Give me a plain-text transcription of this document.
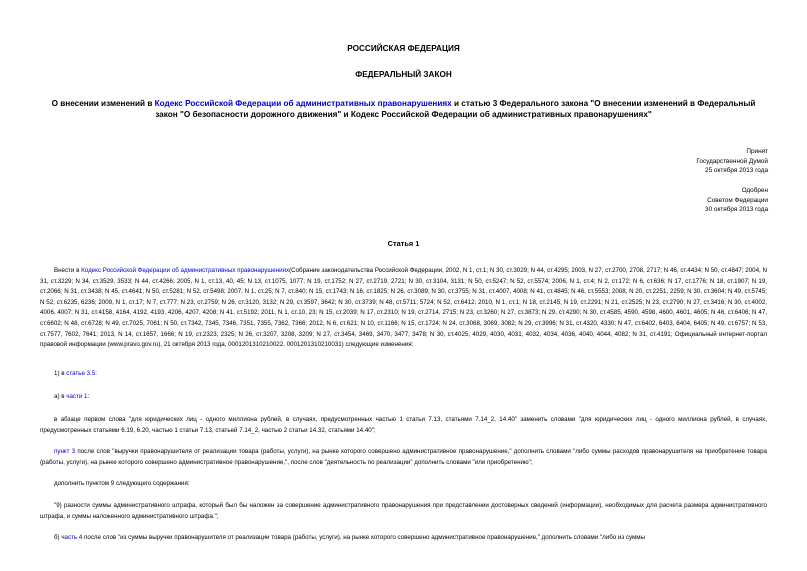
РОССИЙСКАЯ ФЕДЕРАЦИЯ
ФЕДЕРАЛЬНЫЙ ЗАКОН
О внесении изменений в Кодекс Российской Федерации об административных правонарушениях и статью 3 Федерального закона "О внесении изменений в Федеральный закон "О безопасности дорожного движения" и Кодекс Российской Федерации об административных правонарушениях"
Принят
Государственной Думой
25 октября 2013 года
Одобрен
Советом Федерации
30 октября 2013 года
Статья 1

Внести в Кодекс Российской Федерации об административных правонарушениях(Собрание законодательства Российской Федерации, 2002, N 1, ст.1; N 30, ст.3029; N 44, ст.4295; 2003, N 27, ст.2700, 2708, 2717; N 46, ст.4434; N 50, ст.4847; 2004, N 31, ст.3229; N 34, ст.3529, 3533; N 44, ст.4266; 2005, N 1, ст.13, 40, 45; N 13, ст.1075, 1077; N 19, ст.1752; N 27, ст.2719, 2721; N 30, ст.3104, 3131; N 50, ст.5247; N 52, ст.5574; 2006, N 1, ст.4; N 2, ст.172; N 6, ст.636; N 17, ст.1776; N 18, ст.1907; N 19, ст.2066; N 31, ст.3438; N 45, ст.4641; N 50, ст.5281; N 52, ст.5498; 2007, N 1, ст.25; N 7, ст.840; N 15, ст.1743; N 16, ст.1825; N 26, ст.3089; N 30, ст.3755; N 31, ст.4007, 4008; N 41, ст.4845; N 46, ст.5553; 2008, N 20, ст.2251, 2259; N 30, ст.3604; N 49, ст.5745; N 52, ст.6235, 6236; 2009, N 1, ст.17; N 7, ст.777; N 23, ст.2759; N 26, ст.3120, 3132; N 29, ст.3597, 3642; N 30, ст.3739; N 48, ст.5711, 5724; N 52, ст.6412; 2010, N 1, ст.1; N 18, ст.2145; N 19, ст.2291; N 21, ст.2525; N 23, ст.2790; N 27, ст.3416; N 30, ст.4002, 4006, 4007; N 31, ст.4158, 4164, 4192, 4193, 4206, 4207, 4208; N 41, ст.5192; 2011, N 1, ст.10, 23; N 15, ст.2039; N 17, ст.2310; N 19, ст.2714, 2715; N 23, ст.3260; N 27, ст.3873; N 29, ст.4290; N 30, ст.4585, 4590, 4598, 4600, 4601, 4605; N 46, ст.6406; N 47, ст.6602; N 48, ст.6728; N 49, ст.7025, 7061; N 50, ст.7342, 7345, 7346, 7351, 7355, 7362, 7366; 2012, N 6, ст.621; N 10, ст.1166; N 15, ст.1724; N 24, ст.3068, 3069, 3082; N 29, ст.3996; N 31, ст.4320, 4330; N 47, ст.6402, 6403, 6404, 6405; N 49, ст.6757; N 53, ст.7577, 7602, 7641; 2013, N 14, ст.1657, 1666; N 19, ст.2323, 2325; N 26, ст.3207, 3208, 3209; N 27, ст.3454, 3469, 3470, 3477, 3478; N 30, ст.4025, 4029, 4030, 4031, 4032, 4034, 4036, 4040, 4044, 4082; N 31, ст.4191; Официальный интернет-портал правовой информации (www.pravo.gov.ru), 21 октября 2013 года, 0001201310210022, 0001201310210031) следующие изменения:

1) в статье 3.5:

а) в части 1:

в абзаце первом слова "для юридических лиц - одного миллиона рублей, в случаях, предусмотренных частью 1 статьи 7.13, статьями 7.14_2, 14.40" заменить словами "для юридических лиц - одного миллиона рублей, в случаях, предусмотренных статьями 6.19, 6.20, частью 1 статьи 7.13, статьей 7.14_2, частью 2 статьи 14.32, статьями 14.40";

пункт 3 после слов "выручки правонарушителя от реализации товара (работы, услуги), на рынке которого совершено административное правонарушение," дополнить словами "либо суммы расходов правонарушителя на приобретение товара (работы, услуги), на рынке которого совершено административное правонарушение,", после слов "деятельность по реализации" дополнить словами "или приобретению";

дополнить пунктом 9 следующего содержания:

"9) разности суммы административного штрафа, который был бы наложен за совершение административного правонарушения при представлении достоверных сведений (информации), необходимых для расчета размера административного штрафа, и суммы наложенного административного штрафа.";

б) часть 4 после слов "из суммы выручки правонарушителя от реализации товара (работы, услуги), на рынке которого совершено административное правонарушение," дополнить словами "либо из суммы
